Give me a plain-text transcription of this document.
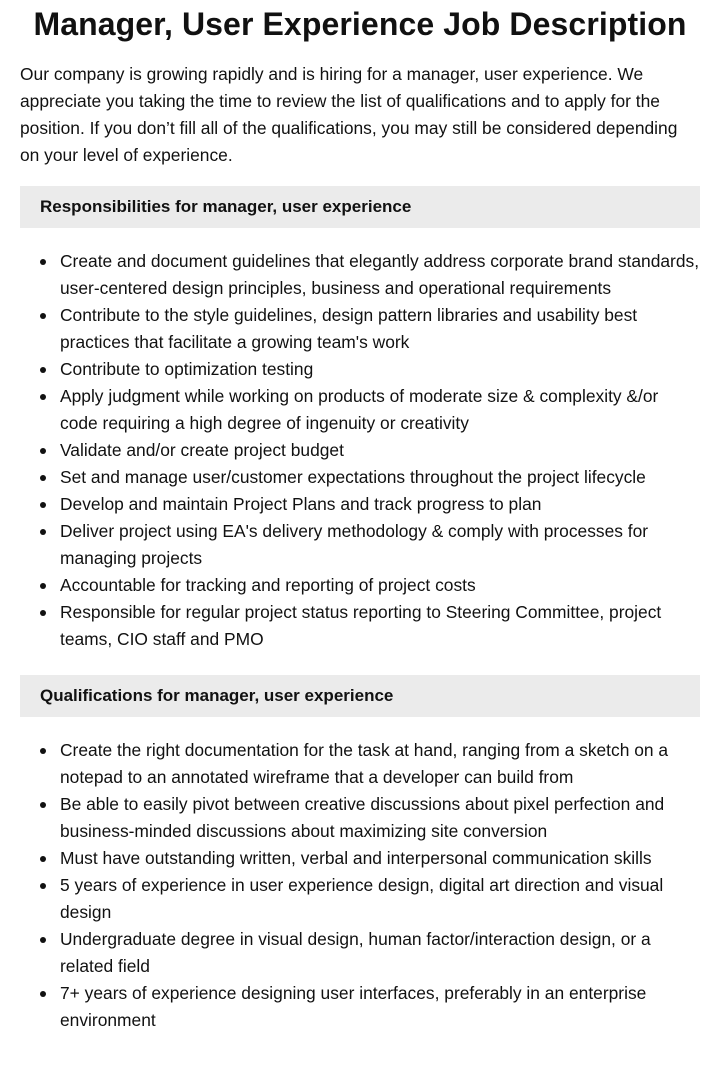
Manager, User Experience Job Description

Our company is growing rapidly and is hiring for a manager, user experience. We appreciate you taking the time to review the list of qualifications and to apply for the position. If you don’t fill all of the qualifications, you may still be considered depending on your level of experience.

Responsibilities for manager, user experience
Create and document guidelines that elegantly address corporate brand standards, user-centered design principles, business and operational requirements
Contribute to the style guidelines, design pattern libraries and usability best practices that facilitate a growing team's work
Contribute to optimization testing
Apply judgment while working on products of moderate size & complexity &/or code requiring a high degree of ingenuity or creativity
Validate and/or create project budget
Set and manage user/customer expectations throughout the project lifecycle
Develop and maintain Project Plans and track progress to plan
Deliver project using EA's delivery methodology & comply with processes for managing projects
Accountable for tracking and reporting of project costs
Responsible for regular project status reporting to Steering Committee, project teams, CIO staff and PMO
Qualifications for manager, user experience
Create the right documentation for the task at hand, ranging from a sketch on a notepad to an annotated wireframe that a developer can build from
Be able to easily pivot between creative discussions about pixel perfection and business-minded discussions about maximizing site conversion
Must have outstanding written, verbal and interpersonal communication skills
5 years of experience in user experience design, digital art direction and visual design
Undergraduate degree in visual design, human factor/interaction design, or a related field
7+ years of experience designing user interfaces, preferably in an enterprise environment
